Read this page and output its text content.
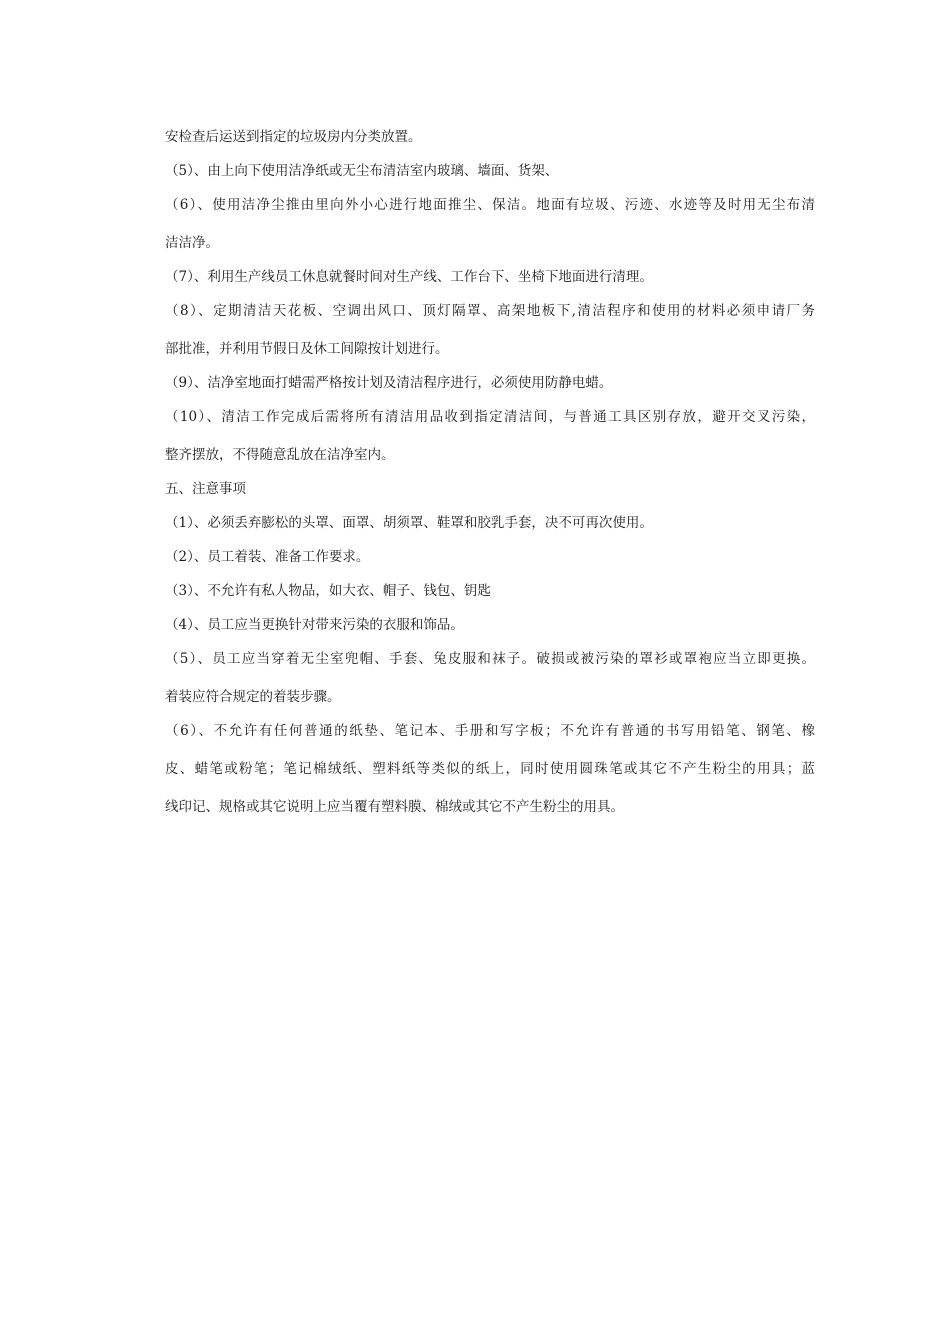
安检查后运送到指定的垃圾房内分类放置。
（5）、由上向下使用洁净纸或无尘布清洁室内玻璃、墙面、货架、
（6）、使用洁净尘推由里向外小心进行地面推尘、保洁。地面有垃圾、污迹、水迹等及时用无尘布清
洁洁净。
（7）、利用生产线员工休息就餐时间对生产线、工作台下、坐椅下地面进行清理。
（8）、定期清洁天花板、空调出风口、顶灯隔罩、高架地板下,清洁程序和使用的材料必须申请厂务
部批准，并利用节假日及休工间隙按计划进行。
（9）、洁净室地面打蜡需严格按计划及清洁程序进行，必须使用防静电蜡。
（10）、清洁工作完成后需将所有清洁用品收到指定清洁间，与普通工具区别存放，避开交叉污染，
整齐摆放，不得随意乱放在洁净室内。
五、注意事项
（1）、必须丢弃膨松的头罩、面罩、胡须罩、鞋罩和胶乳手套，决不可再次使用。
（2）、员工着装、准备工作要求。
（3）、不允许有私人物品，如大衣、帽子、钱包、钥匙
（4）、员工应当更换针对带来污染的衣服和饰品。
（5）、员工应当穿着无尘室兜帽、手套、兔皮服和袜子。破损或被污染的罩衫或罩袍应当立即更换。
着装应符合规定的着装步骤。
（6）、不允许有任何普通的纸垫、笔记本、手册和写字板；不允许有普通的书写用铅笔、钢笔、橡
皮、蜡笔或粉笔；笔记棉绒纸、塑料纸等类似的纸上，同时使用圆珠笔或其它不产生粉尘的用具；蓝
线印记、规格或其它说明上应当覆有塑料膜、棉绒或其它不产生粉尘的用具。
